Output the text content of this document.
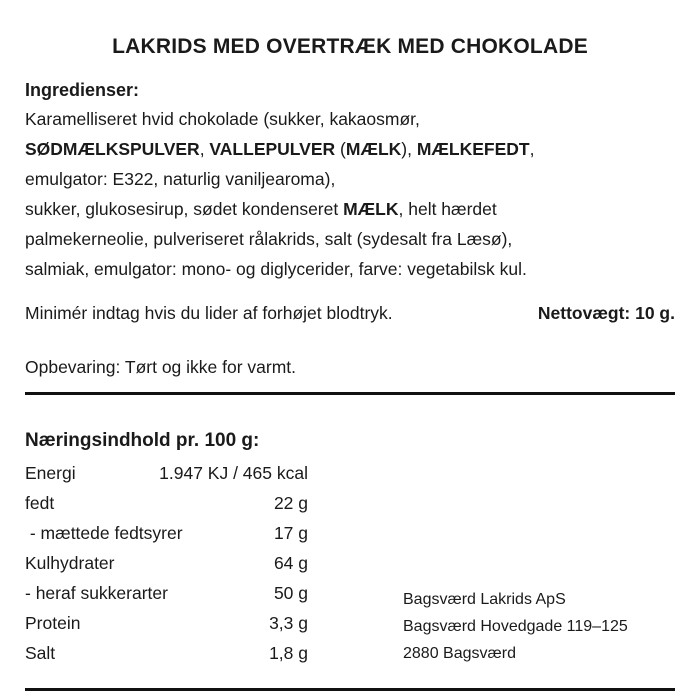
LAKRIDS MED OVERTRÆK MED CHOKOLADE

Ingredienser:

Karamelliseret hvid chokolade (sukker, kakaosmør,
SØDMÆLKSPULVER, VALLEPULVER (MÆLK), MÆLKEFEDT,
emulgator: E322, naturlig vaniljearoma),
sukker, glukosesirup, sødet kondenseret MÆLK, helt hærdet
palmekerneolie, pulveriseret rålakrids, salt (sydesalt fra Læsø),
salmiak, emulgator: mono- og diglycerider, farve: vegetabilsk kul.
Minimér indtag hvis du lider af forhøjet blodtryk.	Nettovægt: 10 g.
Opbevaring: Tørt og ikke for varmt.
Næringsindhold pr. 100 g:
Energi	1.947 KJ / 465 kcal
fedt	22 g
- mættede fedtsyrer	17 g
Kulhydrater	64 g
- heraf sukkerarter	50 g
Protein	3,3 g
Salt	1,8 g
Bagsværd Lakrids ApS
Bagsværd Hovedgade 119–125
2880 Bagsværd
